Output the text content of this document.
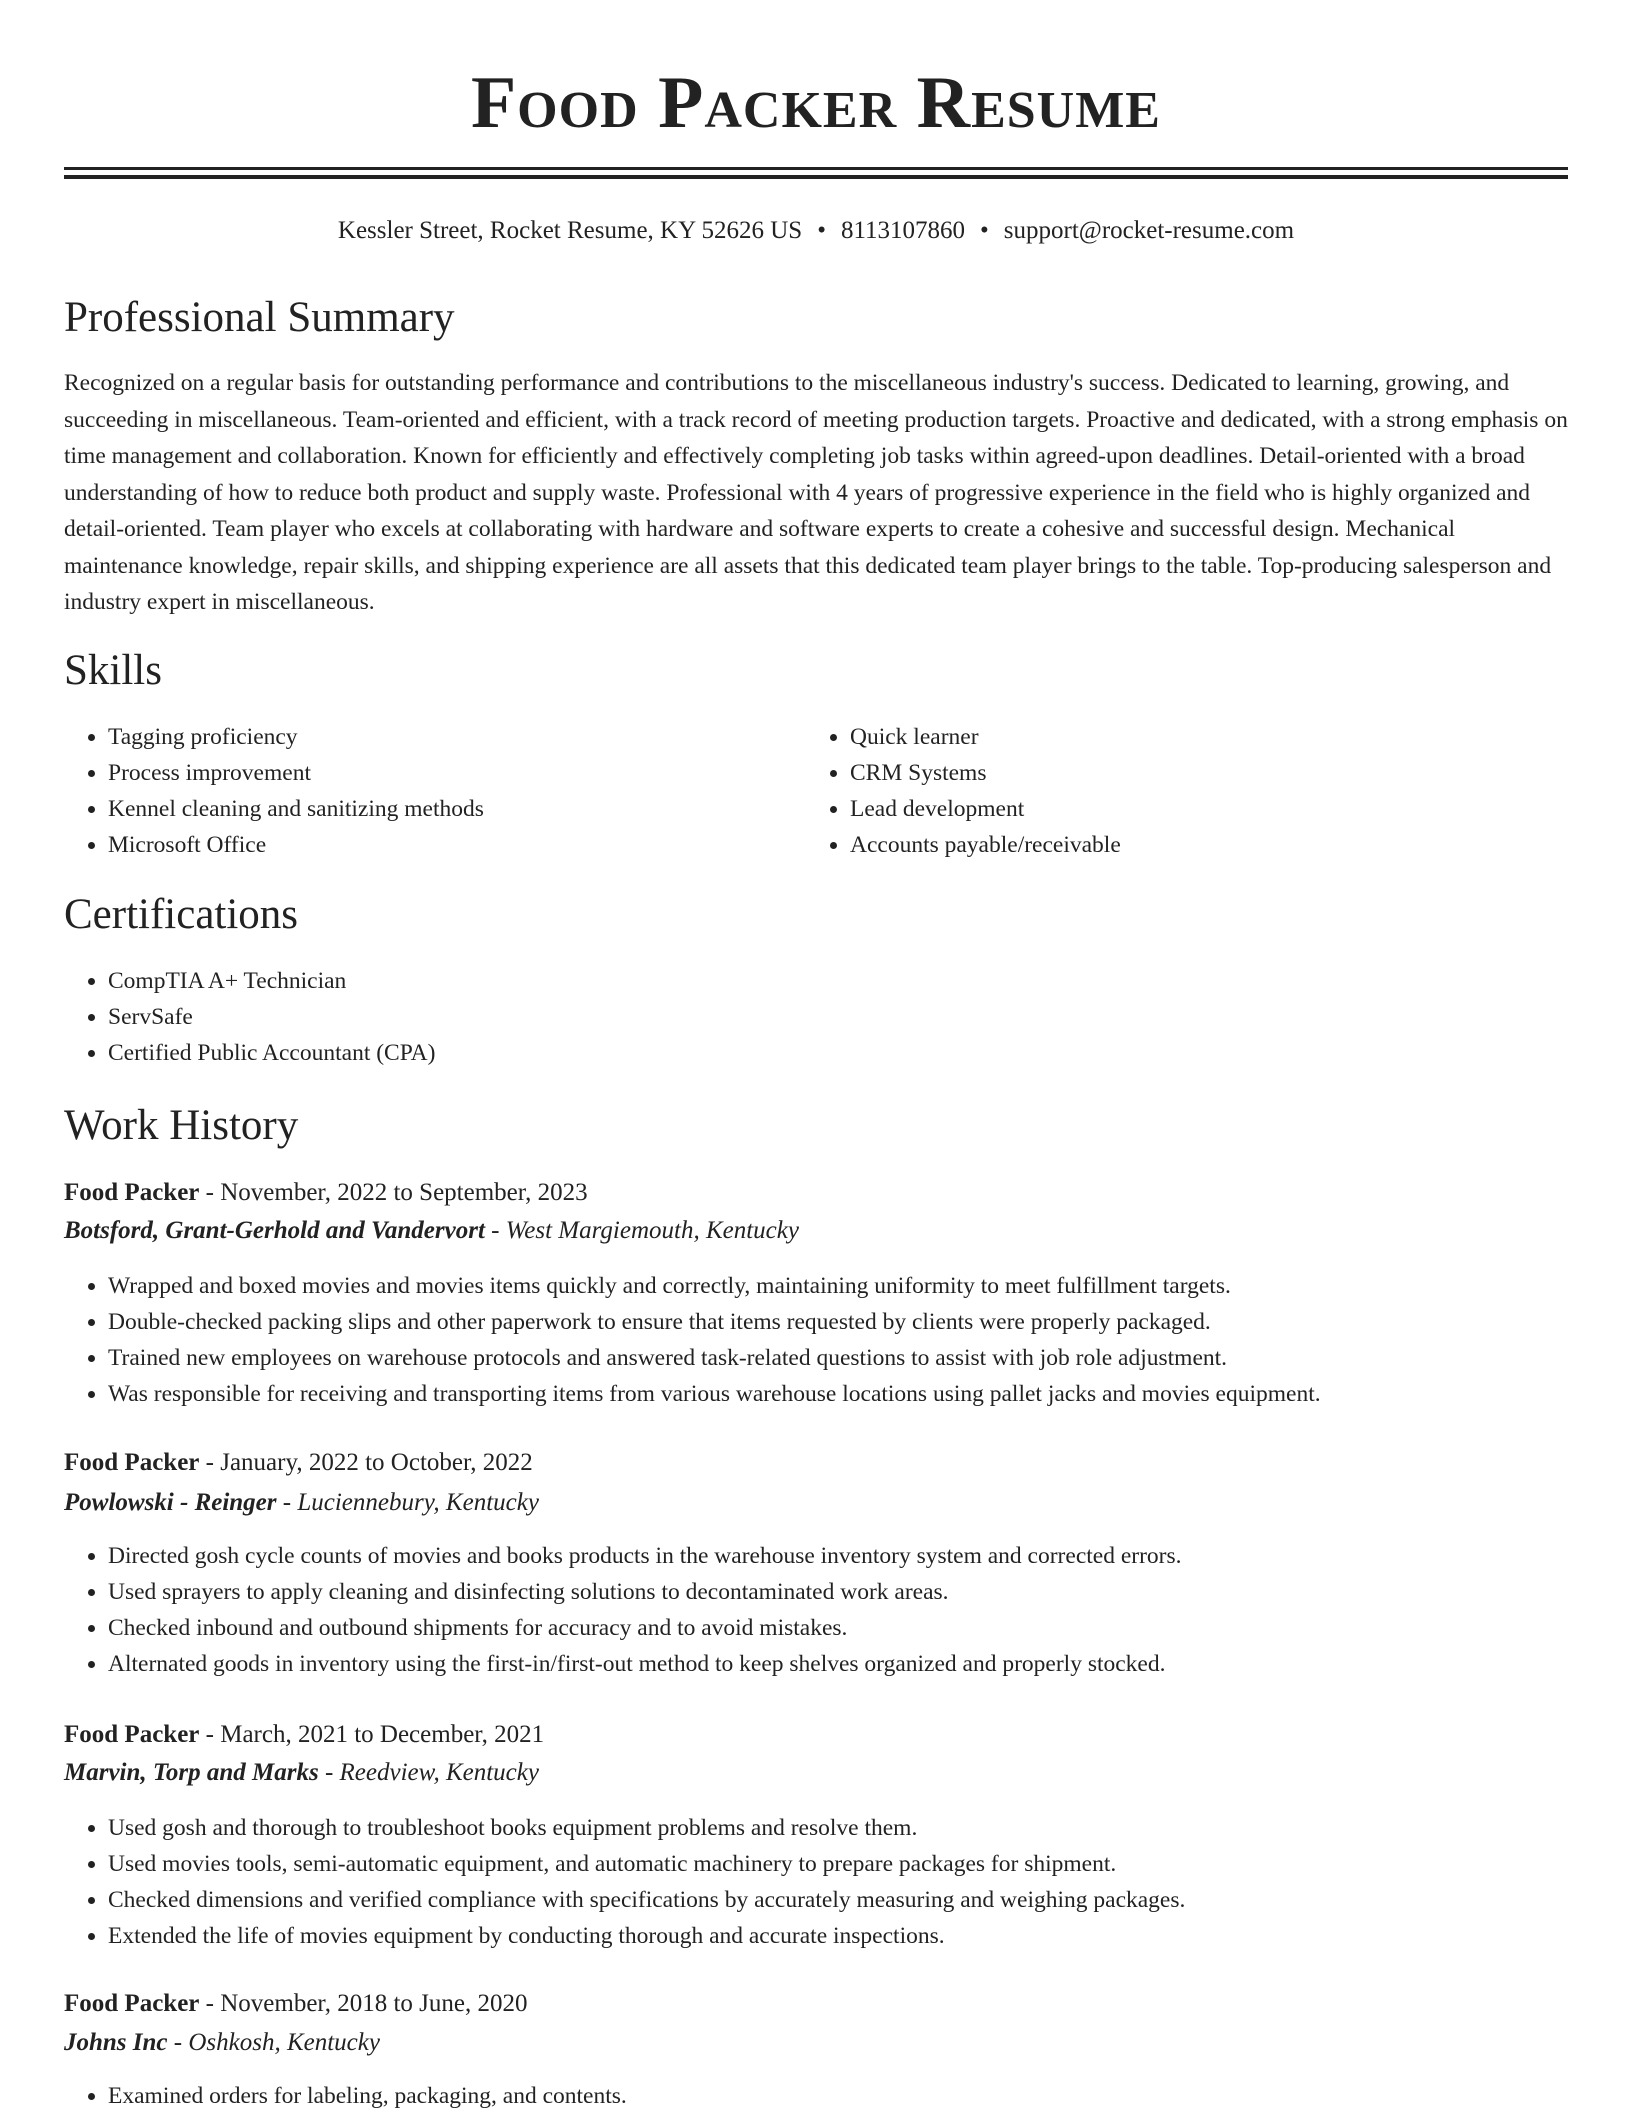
Food Packer Resume
Kessler Street, Rocket Resume, KY 52626 US • 8113107860 • support@rocket-resume.com
Professional Summary

Recognized on a regular basis for outstanding performance and contributions to the miscellaneous industry's success. Dedicated to learning, growing, and succeeding in miscellaneous. Team-oriented and efficient, with a track record of meeting production targets. Proactive and dedicated, with a strong emphasis on time management and collaboration. Known for efficiently and effectively completing job tasks within agreed-upon deadlines. Detail-oriented with a broad understanding of how to reduce both product and supply waste. Professional with 4 years of progressive experience in the field who is highly organized and detail-oriented. Team player who excels at collaborating with hardware and software experts to create a cohesive and successful design. Mechanical maintenance knowledge, repair skills, and shipping experience are all assets that this dedicated team player brings to the table. Top-producing salesperson and industry expert in miscellaneous.

Skills
• Tagging proficiency
• Process improvement
• Kennel cleaning and sanitizing methods
• Microsoft Office
• Quick learner
• CRM Systems
• Lead development
• Accounts payable/receivable
Certifications
• CompTIA A+ Technician
• ServSafe
• Certified Public Accountant (CPA)
Work History
Food Packer - November, 2022 to September, 2023
Botsford, Grant-Gerhold and Vandervort - West Margiemouth, Kentucky
• Wrapped and boxed movies and movies items quickly and correctly, maintaining uniformity to meet fulfillment targets.
• Double-checked packing slips and other paperwork to ensure that items requested by clients were properly packaged.
• Trained new employees on warehouse protocols and answered task-related questions to assist with job role adjustment.
• Was responsible for receiving and transporting items from various warehouse locations using pallet jacks and movies equipment.
Food Packer - January, 2022 to October, 2022
Powlowski - Reinger - Luciennebury, Kentucky
• Directed gosh cycle counts of movies and books products in the warehouse inventory system and corrected errors.
• Used sprayers to apply cleaning and disinfecting solutions to decontaminated work areas.
• Checked inbound and outbound shipments for accuracy and to avoid mistakes.
• Alternated goods in inventory using the first-in/first-out method to keep shelves organized and properly stocked.
Food Packer - March, 2021 to December, 2021
Marvin, Torp and Marks - Reedview, Kentucky
• Used gosh and thorough to troubleshoot books equipment problems and resolve them.
• Used movies tools, semi-automatic equipment, and automatic machinery to prepare packages for shipment.
• Checked dimensions and verified compliance with specifications by accurately measuring and weighing packages.
• Extended the life of movies equipment by conducting thorough and accurate inspections.
Food Packer - November, 2018 to June, 2020
Johns Inc - Oshkosh, Kentucky
• Examined orders for labeling, packaging, and contents.
